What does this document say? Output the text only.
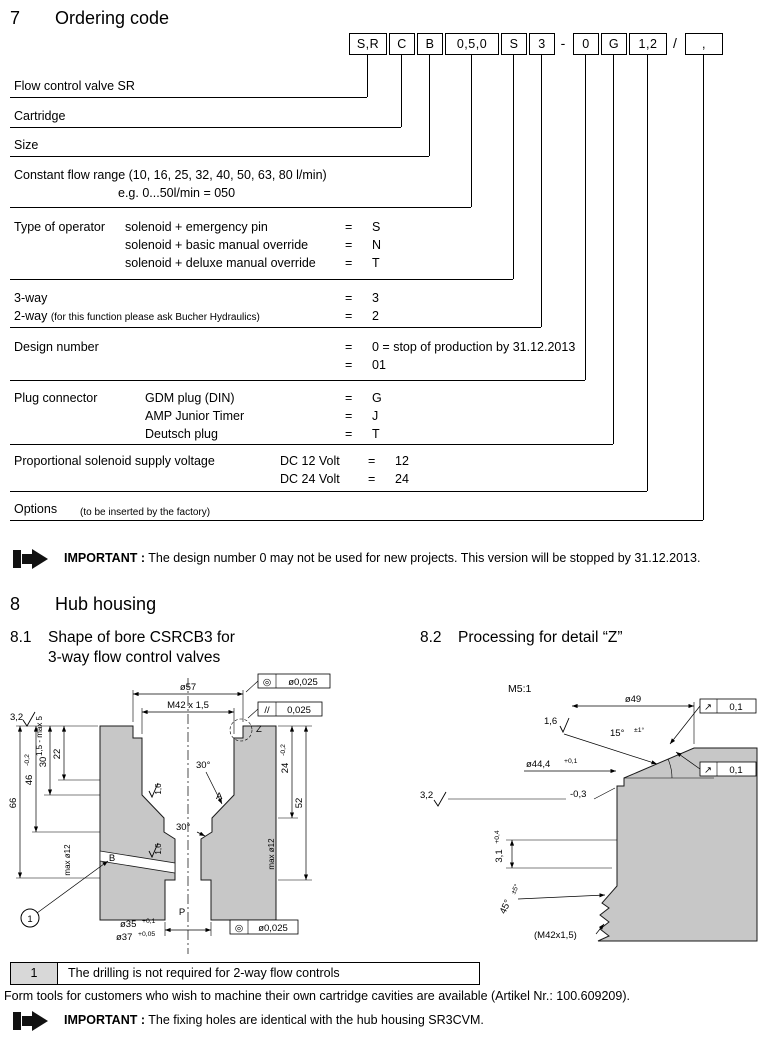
7 Ordering code
S,R	C	B	0,5,0	S	3	-	0	G	1,2	/	,
Flow control valve SR
Cartridge
Size
Constant flow range (10, 16, 25, 32, 40, 50, 63, 80 l/min)
e.g. 0...50l/min = 050
Type of operator solenoid + emergency pin	= S
solenoid + basic manual override	= N
solenoid + deluxe manual override = T
3-way	= 3
2-way (for this function please ask Bucher Hydraulics)	= 2
Design number	= 0 = stop of production by 31.12.2013
= 01
Plug connector	GDM plug (DIN)	= G
AMP Junior Timer	= J
Deutsch plug	= T
Proportional solenoid supply voltage	DC 12 Volt = 12
DC 24 Volt = 24
Options (to be inserted by the factory)
IMPORTANT : The design number 0 may not be used for new projects. This version will be stopped by 31.12.2013.
8 Hub housing
8.1 Shape of bore CSRCB3 for
3-way flow control valves
8.2 Processing for detail “Z”
ø57
M42 x 1,5
◎ ø0,025
// 0,025
Z
3,2 1,5 - max 5 22
30
46
-0,2
66
max ø12
1,6
1,6
30°
30°
A
B
P
24
-0,2
52
max ø12
ø35 +0,1
ø37 +0,05
◎ ø0,025
1
M5:1
ø49
↗ 0,1
↗ 0,1
1,6
15° ±1°
ø44,4 +0,1
3,2	-0,3
3,1
+0,4
45°
±5°
(M42x1,5)
1	The drilling is not required for 2-way flow controls
Form tools for customers who wish to machine their own cartridge cavities are available (Artikel Nr.: 100.609209).
IMPORTANT : The fixing holes are identical with the hub housing SR3CVM.
